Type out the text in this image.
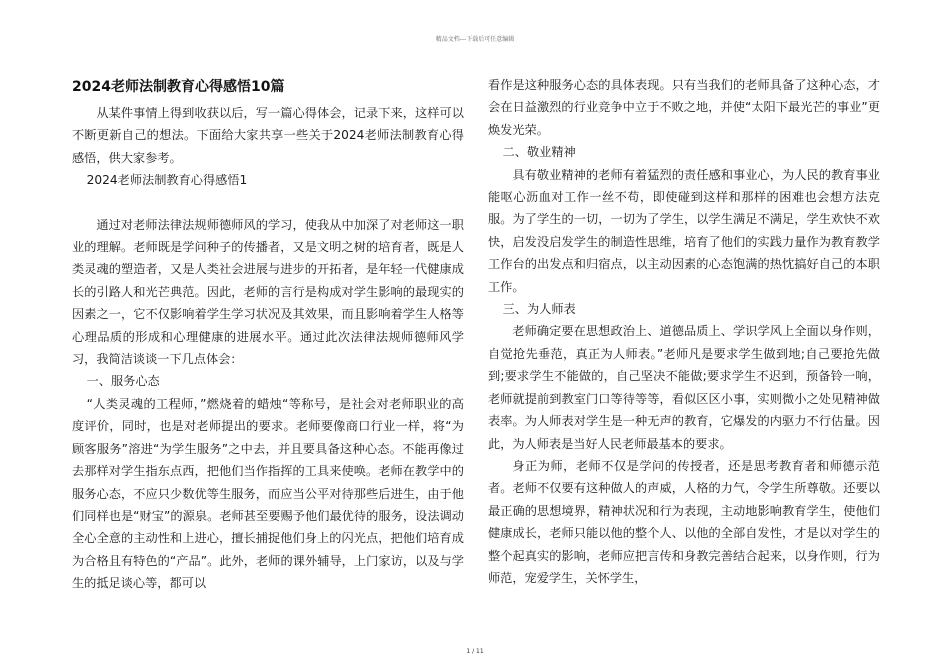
精品文档---下载后可任意编辑
2024老师法制教育心得感悟10篇

从某件事情上得到收获以后，写一篇心得体会，记录下来，这样可以不断更新自己的想法。下面给大家共享一些关于2024老师法制教育心得感悟，供大家参考。

2024老师法制教育心得感悟1

通过对老师法律法规师德师风的学习，使我从中加深了对老师这一职业的理解。老师既是学问种子的传播者，又是文明之树的培育者，既是人类灵魂的塑造者，又是人类社会进展与进步的开拓者，是年轻一代健康成长的引路人和光芒典范。因此，老师的言行是构成对学生影响的最现实的因素之一，它不仅影响着学生学习状况及其效果，而且影响着学生人格等心理品质的形成和心理健康的进展水平。通过此次法律法规师德师风学习，我简洁谈谈一下几点体会：

一、服务心态

“人类灵魂的工程师，”燃烧着的蜡烛“等称号，是社会对老师职业的高度评价，同时，也是对老师提出的要求。老师要像商口行业一样，将“为顾客服务”溶进“为学生服务”之中去，并且要具备这种心态。不能再像过去那样对学生指东点西，把他们当作指挥的工具来使唤。老师在教学中的服务心态，不应只少数优等生服务，而应当公平对待那些后进生，由于他们同样也是“财宝”的源泉。老师甚至要赐予他们最优待的服务，设法调动全心全意的主动性和上进心，擅长捕捉他们身上的闪光点，把他们培育成为合格且有特色的“产品”。此外，老师的课外辅导，上门家访，以及与学生的抵足谈心等，都可以

看作是这种服务心态的具体表现。只有当我们的老师具备了这种心态，才会在日益激烈的行业竞争中立于不败之地，并使“太阳下最光芒的事业”更焕发光荣。

二、敬业精神

具有敬业精神的老师有着猛烈的责任感和事业心，为人民的教育事业能呕心沥血对工作一丝不苟，即使碰到这样和那样的困难也会想方法克服。为了学生的一切，一切为了学生，以学生满足不满足，学生欢快不欢快，启发没启发学生的制造性思维，培育了他们的实践力量作为教育教学工作台的出发点和归宿点，以主动因素的心态饱满的热忱搞好自己的本职工作。

三、为人师表

老师确定要在思想政治上、道德品质上、学识学风上全面以身作则，自觉抢先垂范，真正为人师表。”老师凡是要求学生做到地;自己要抢先做到;要求学生不能做的，自己坚决不能做;要求学生不迟到，预备铃一响，老师就提前到教室门口等待等等，看似区区小事，实则微小之处见精神做表率。为人师表对学生是一种无声的教育，它爆发的内驱力不行估量。因此，为人师表是当好人民老师最基本的要求。

身正为师，老师不仅是学问的传授者，还是思考教育者和师德示范者。老师不仅要有这种做人的声威，人格的力气，令学生所尊敬。还要以最正确的思想境界，精神状况和行为表现，主动地影响教育学生，使他们健康成长，老师只能以他的整个人、以他的全部自发性，才是以对学生的整个起真实的影响，老师应把言传和身教完善结合起来，以身作则，行为师范，宠爱学生，关怀学生，

1 / 11
